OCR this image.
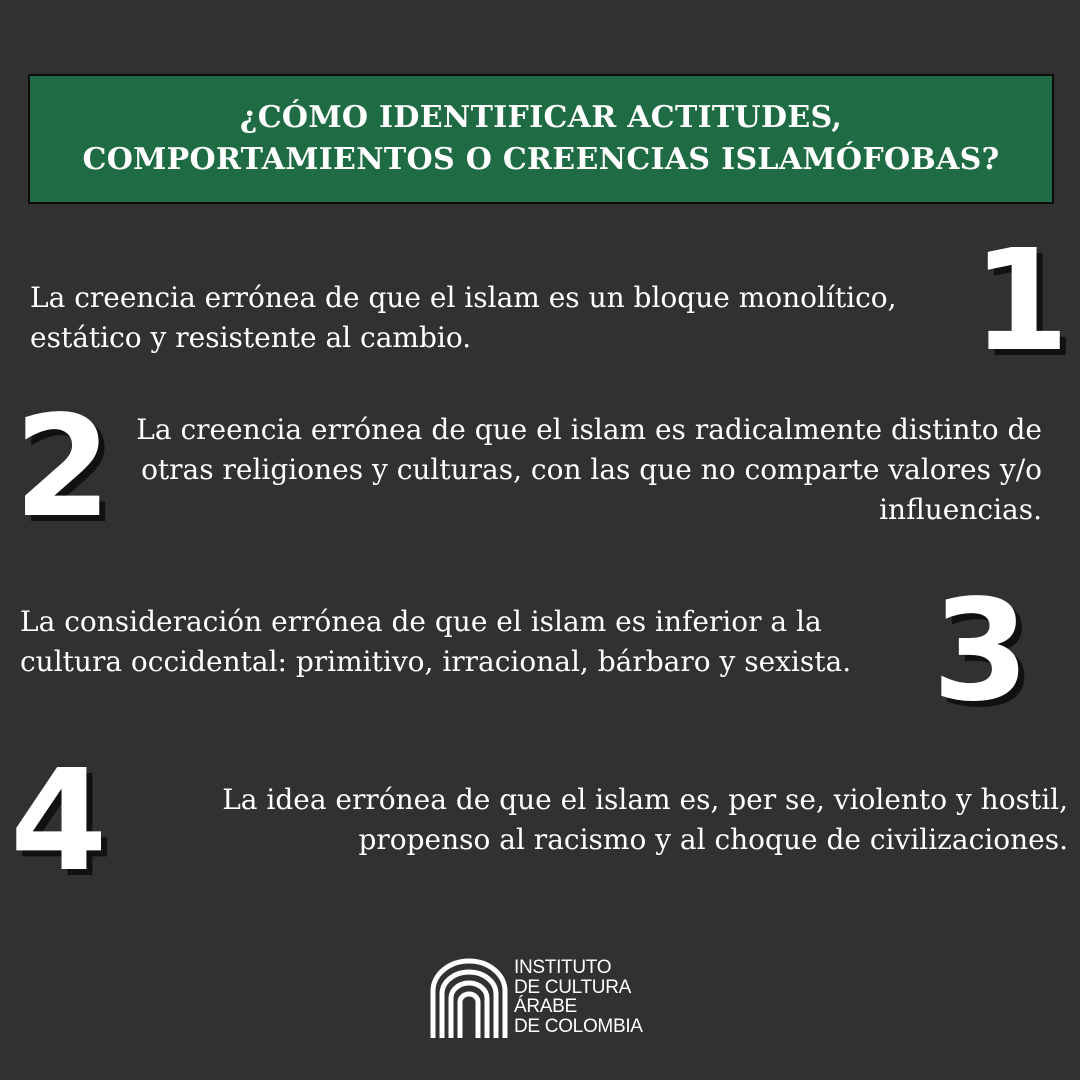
¿CÓMO IDENTIFICAR ACTITUDES, COMPORTAMIENTOS O CREENCIAS ISLAMÓFOBAS?
La creencia errónea de que el islam es un bloque monolítico, estático y resistente al cambio.	1
La creencia errónea de que el islam es radicalmente distinto de otras religiones y culturas, con las que no comparte valores y/o influencias.
2
La consideración errónea de que el islam es inferior a la cultura occidental: primitivo, irracional, bárbaro y sexista. 3
La idea errónea de que el islam es, per se, violento y hostil, propenso al racismo y al choque de civilizaciones.
4
INSTITUTO
DE CULTURA
ÁRABE
DE COLOMBIA
